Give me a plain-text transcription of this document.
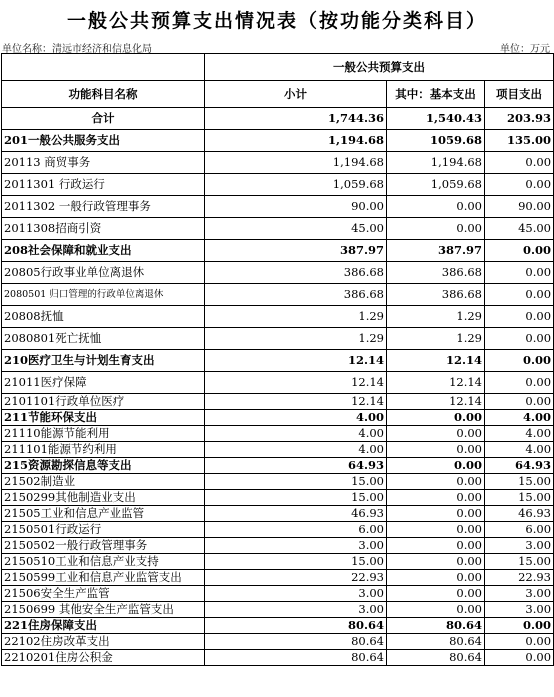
一般公共预算支出情况表（按功能分类科目）
单位名称：清远市经济和信息化局	单位：万元
	一般公共预算支出		
功能科目名称	小计	其中：基本支出	项目支出
合计	1,744.36	1,540.43	203.93
201一般公共服务支出	1,194.68	1059.68	135.00
20113 商贸事务	1,194.68	1,194.68	0.00
2011301 行政运行	1,059.68	1,059.68	0.00
2011302 一般行政管理事务	90.00	0.00	90.00
2011308招商引资	45.00	0.00	45.00
208社会保障和就业支出	387.97	387.97	0.00
20805行政事业单位离退休	386.68	386.68	0.00
2080501 归口管理的行政单位离退休	386.68	386.68	0.00
20808抚恤	1.29	1.29	0.00
2080801死亡抚恤	1.29	1.29	0.00
210医疗卫生与计划生育支出	12.14	12.14	0.00
21011医疗保障	12.14	12.14	0.00
2101101行政单位医疗	12.14	12.14	0.00
211节能环保支出	4.00	0.00	4.00
21110能源节能利用	4.00	0.00	4.00
211101能源节约利用	4.00	0.00	4.00
215资源勘探信息等支出	64.93	0.00	64.93
21502制造业	15.00	0.00	15.00
2150299其他制造业支出	15.00	0.00	15.00
21505工业和信息产业监管	46.93	0.00	46.93
2150501行政运行	6.00	0.00	6.00
2150502一般行政管理事务	3.00	0.00	3.00
2150510工业和信息产业支持	15.00	0.00	15.00
2150599工业和信息产业监管支出	22.93	0.00	22.93
21506安全生产监管	3.00	0.00	3.00
2150699 其他安全生产监管支出	3.00	0.00	3.00
221住房保障支出	80.64	80.64	0.00
22102住房改革支出	80.64	80.64	0.00
2210201住房公积金	80.64	80.64	0.00
